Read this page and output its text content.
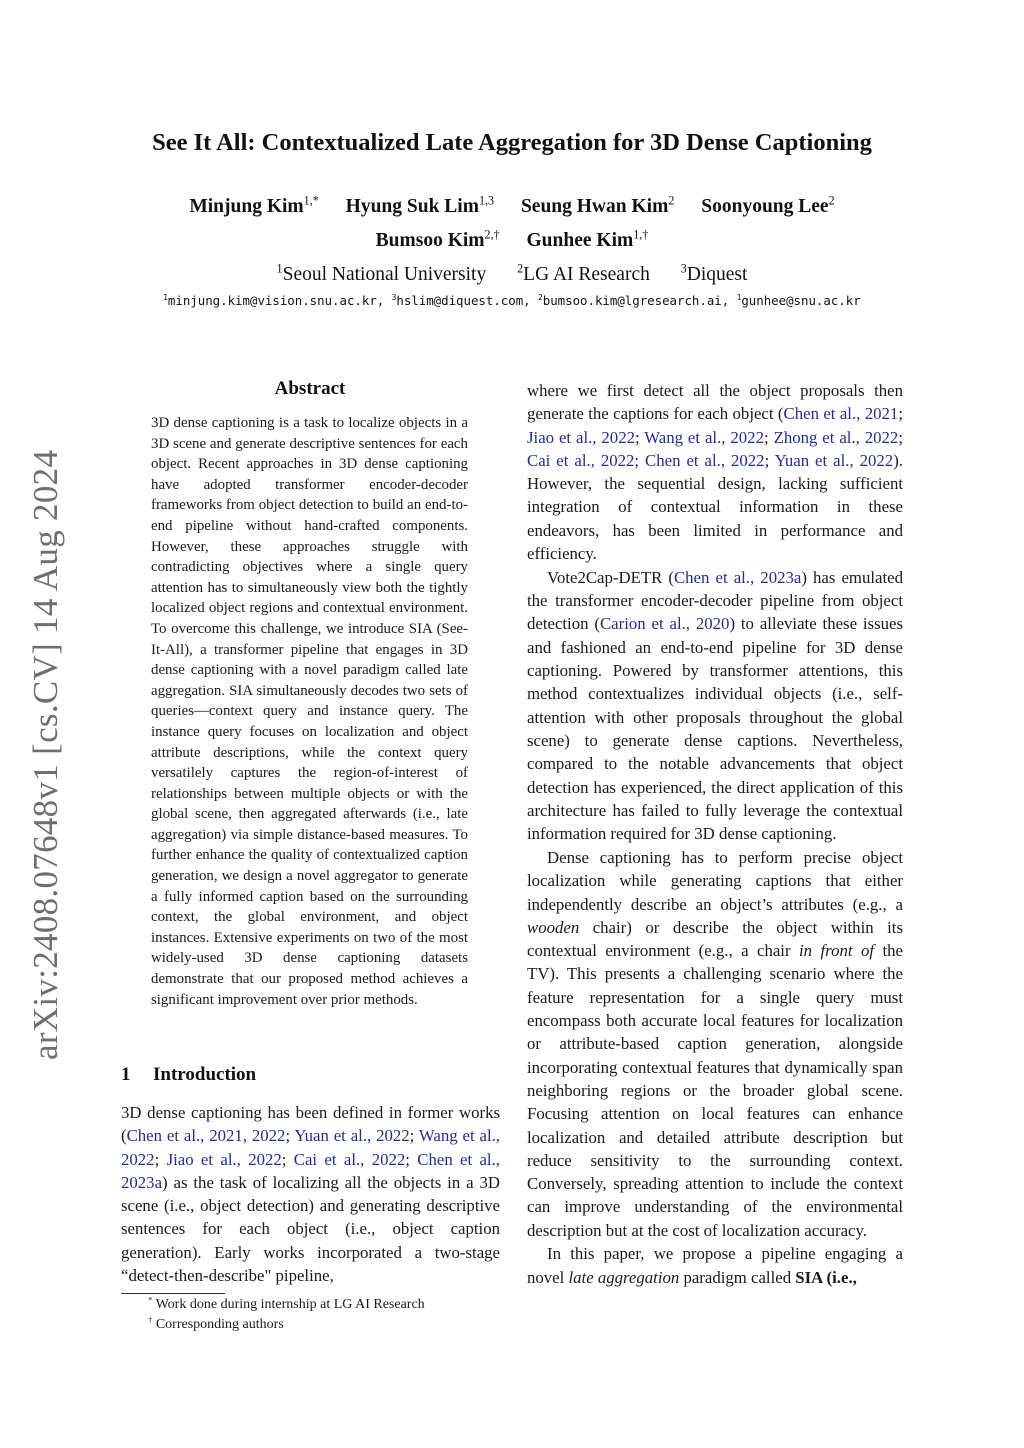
arXiv:2408.07648v1 [cs.CV] 14 Aug 2024
See It All: Contextualized Late Aggregation for 3D Dense Captioning
Minjung Kim$^{1,*}$ Hyung Suk Lim$^{1,3}$ Seung Hwan Kim$^2$ Soonyoung Lee$^2$
Bumsoo Kim$^{2,\dagger}$ Gunhee Kim$^{1,\dagger}$
$^1$Seoul National University	$^2$LG AI Research	$^3$Diquest
$^1$minjung.kim@vision.snu.ac.kr, $^3$hslim@diquest.com, $^2$bumsoo.kim@lgresearch.ai, $^1$gunhee@snu.ac.kr
Abstract
3D dense captioning is a task to localize objects in a 3D scene and generate descriptive sentences for each object. Recent approaches in 3D dense captioning have adopted transformer encoder-decoder frameworks from object detection to build an end-to-end pipeline without hand-crafted components. However, these approaches struggle with contradicting objectives where a single query attention has to simultaneously view both the tightly localized object regions and contextual environment. To overcome this challenge, we introduce SIA (See-It-All), a transformer pipeline that engages in 3D dense captioning with a novel paradigm called late aggregation. SIA simultaneously decodes two sets of queries—context query and instance query. The instance query focuses on localization and object attribute descriptions, while the context query versatilely captures the region-of-interest of relationships between multiple objects or with the global scene, then aggregated afterwards (i.e., late aggregation) via simple distance-based measures. To further enhance the quality of contextualized caption generation, we design a novel aggregator to generate a fully informed caption based on the surrounding context, the global environment, and object instances. Extensive experiments on two of the most widely-used 3D dense captioning datasets demonstrate that our proposed method achieves a significant improvement over prior methods.
1 Introduction
3D dense captioning has been defined in former works (Chen et al., 2021, 2022; Yuan et al., 2022; Wang et al., 2022; Jiao et al., 2022; Cai et al., 2022; Chen et al., 2023a) as the task of localizing all the objects in a 3D scene (i.e., object detection) and generating descriptive sentences for each object (i.e., object caption generation). Early works incorporated a two-stage “detect-then-describe" pipeline,
* Work done during internship at LG AI Research
† Corresponding authors

where we first detect all the object proposals then generate the captions for each object (Chen et al., 2021; Jiao et al., 2022; Wang et al., 2022; Zhong et al., 2022; Cai et al., 2022; Chen et al., 2022; Yuan et al., 2022). However, the sequential design, lacking sufficient integration of contextual information in these endeavors, has been limited in performance and efficiency.

Vote2Cap-DETR (Chen et al., 2023a) has emulated the transformer encoder-decoder pipeline from object detection (Carion et al., 2020) to alleviate these issues and fashioned an end-to-end pipeline for 3D dense captioning. Powered by transformer attentions, this method contextualizes individual objects (i.e., self-attention with other proposals throughout the global scene) to generate dense captions. Nevertheless, compared to the notable advancements that object detection has experienced, the direct application of this architecture has failed to fully leverage the contextual information required for 3D dense captioning.

Dense captioning has to perform precise object localization while generating captions that either independently describe an object’s attributes (e.g., a wooden chair) or describe the object within its contextual environment (e.g., a chair in front of the TV). This presents a challenging scenario where the feature representation for a single query must encompass both accurate local features for localization or attribute-based caption generation, alongside incorporating contextual features that dynamically span neighboring regions or the broader global scene. Focusing attention on local features can enhance localization and detailed attribute description but reduce sensitivity to the surrounding context. Conversely, spreading attention to include the context can improve understanding of the environmental description but at the cost of localization accuracy.

In this paper, we propose a pipeline engaging a novel late aggregation paradigm called SIA (i.e.,
